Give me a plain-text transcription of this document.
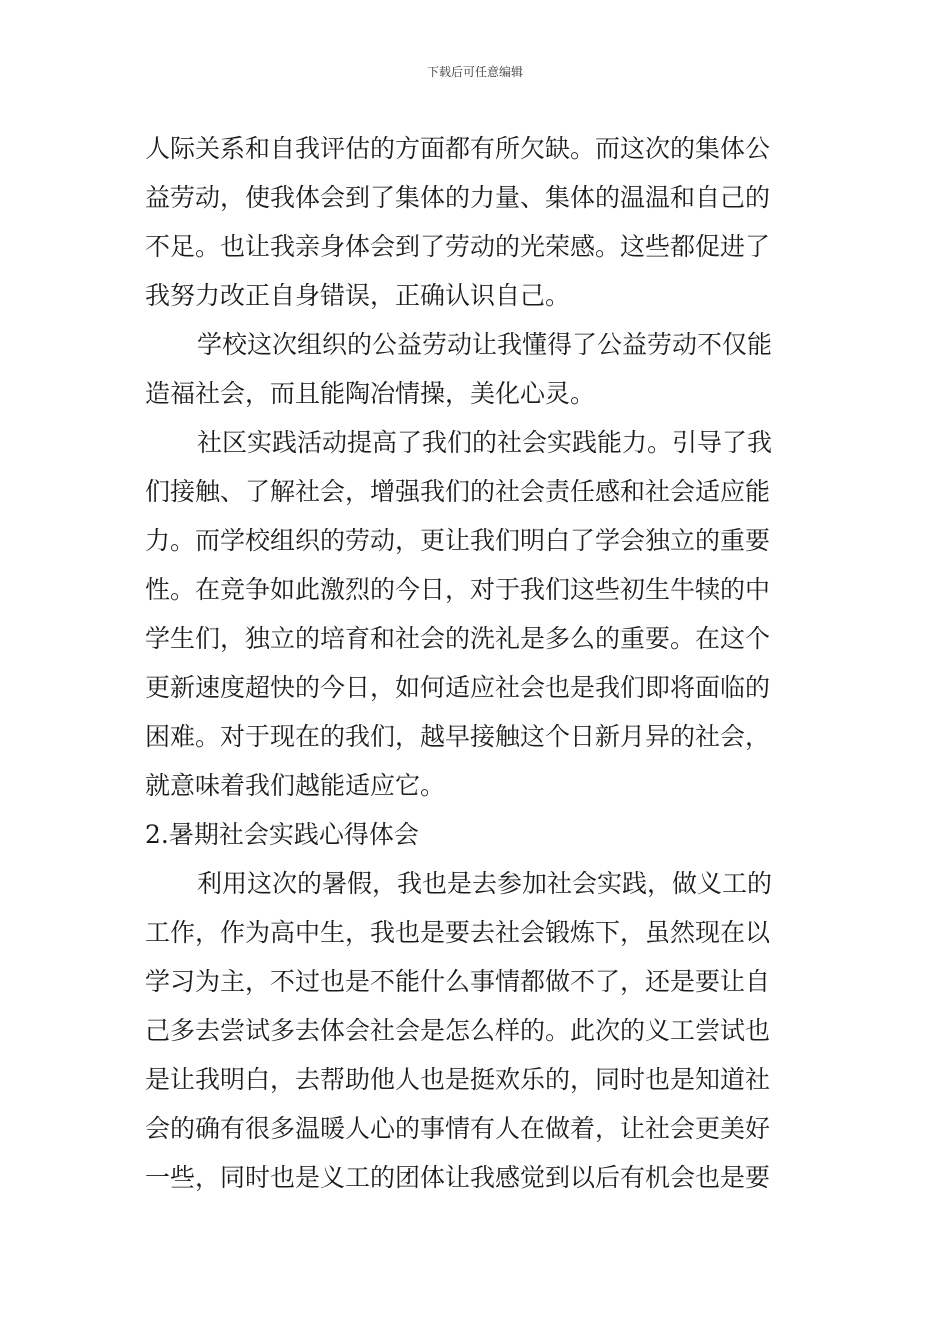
下载后可任意编辑
人际关系和自我评估的方面都有所欠缺。而这次的集体公
益劳动，使我体会到了集体的力量、集体的温温和自己的
不足。也让我亲身体会到了劳动的光荣感。这些都促进了
我努力改正自身错误，正确认识自己。
学校这次组织的公益劳动让我懂得了公益劳动不仅能
造福社会，而且能陶冶情操，美化心灵。
社区实践活动提高了我们的社会实践能力。引导了我
们接触、了解社会，增强我们的社会责任感和社会适应能
力。而学校组织的劳动，更让我们明白了学会独立的重要
性。在竞争如此激烈的今日，对于我们这些初生牛犊的中
学生们，独立的培育和社会的洗礼是多么的重要。在这个
更新速度超快的今日，如何适应社会也是我们即将面临的
困难。对于现在的我们，越早接触这个日新月异的社会，
就意味着我们越能适应它。
2.暑期社会实践心得体会
利用这次的暑假，我也是去参加社会实践，做义工的
工作，作为高中生，我也是要去社会锻炼下，虽然现在以
学习为主，不过也是不能什么事情都做不了，还是要让自
己多去尝试多去体会社会是怎么样的。此次的义工尝试也
是让我明白，去帮助他人也是挺欢乐的，同时也是知道社
会的确有很多温暖人心的事情有人在做着，让社会更美好
一些，同时也是义工的团体让我感觉到以后有机会也是要
